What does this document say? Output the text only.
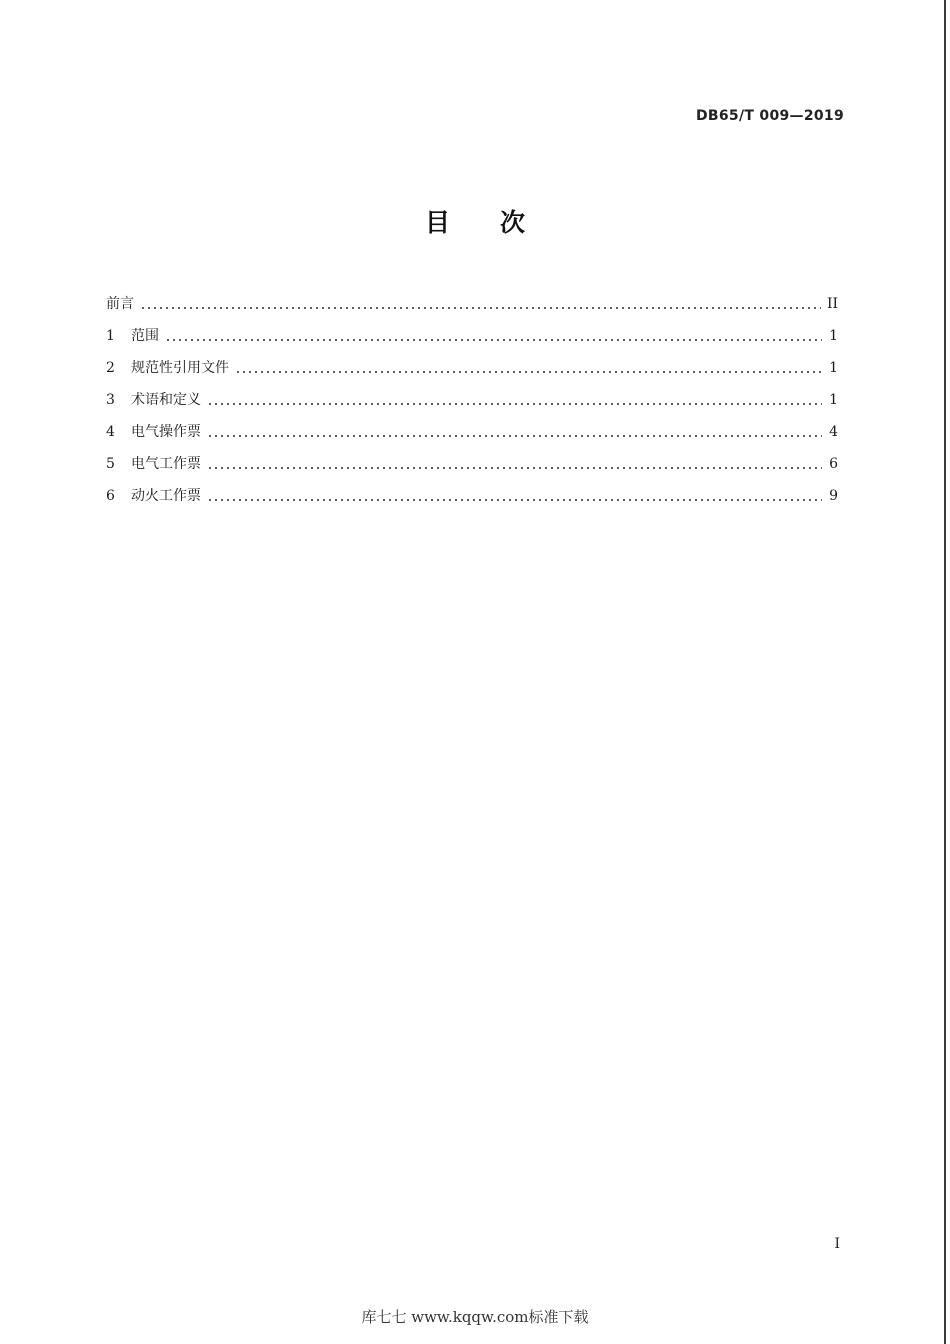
DB65/T 009—2019
目次
前言	II
1	范围	1
2	规范性引用文件	1
3	术语和定义	1
4	电气操作票	4
5	电气工作票	6
6	动火工作票	9
I
库七七 www.kqqw.com标准下载
